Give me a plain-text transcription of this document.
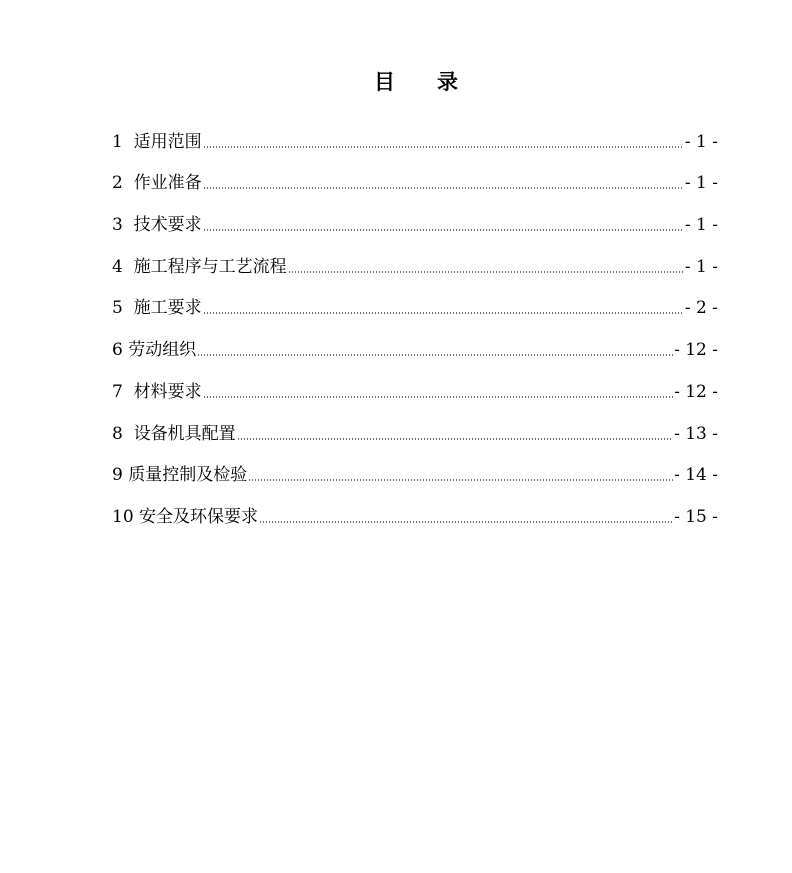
目　　录
1  适用范围	- 1 -
2  作业准备	- 1 -
3  技术要求	- 1 -
4  施工程序与工艺流程	- 1 -
5  施工要求	- 2 -
6 劳动组织	- 12 -
7  材料要求	- 12 -
8  设备机具配置	- 13 -
9 质量控制及检验	- 14 -
10 安全及环保要求	- 15 -
